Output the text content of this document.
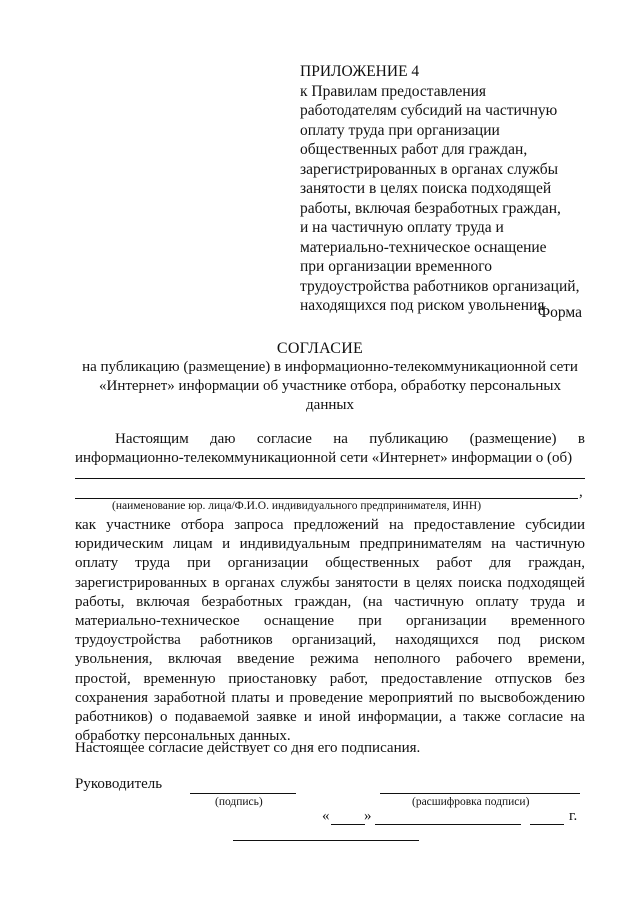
ПРИЛОЖЕНИЕ 4
к Правилам предоставления
работодателям субсидий на частичную
оплату труда при организации
общественных работ для граждан,
зарегистрированных в органах службы
занятости в целях поиска подходящей
работы, включая безработных граждан,
и на частичную оплату труда и
материально-техническое оснащение
при организации временного
трудоустройства работников организаций,
находящихся под риском увольнения
Форма
СОГЛАСИЕ
на публикацию (размещение) в информационно-телекоммуникационной сети
«Интернет» информации об участнике отбора, обработку персональных
данных
Настоящим даю согласие на публикацию (размещение) в
информационно-телекоммуникационной сети «Интернет» информации о (об)
,
(наименование юр. лица/Ф.И.О. индивидуального предпринимателя, ИНН)
как участнике отбора запроса предложений на предоставление субсидии
юридическим лицам и индивидуальным предпринимателям на частичную
оплату труда при организации общественных работ для граждан,
зарегистрированных в органах службы занятости в целях поиска подходящей
работы, включая безработных граждан, (на частичную оплату труда и
материально-техническое оснащение при организации временного
трудоустройства работников организаций, находящихся под риском
увольнения, включая введение режима неполного рабочего времени,
простой, временную приостановку работ, предоставление отпусков без
сохранения заработной платы и проведение мероприятий по высвобождению
работников) о подаваемой заявке и иной информации, а также согласие на
обработку персональных данных.
Настоящее согласие действует со дня его подписания.
Руководитель
(подпись)	(расшифровка подписи)
« »	г.
